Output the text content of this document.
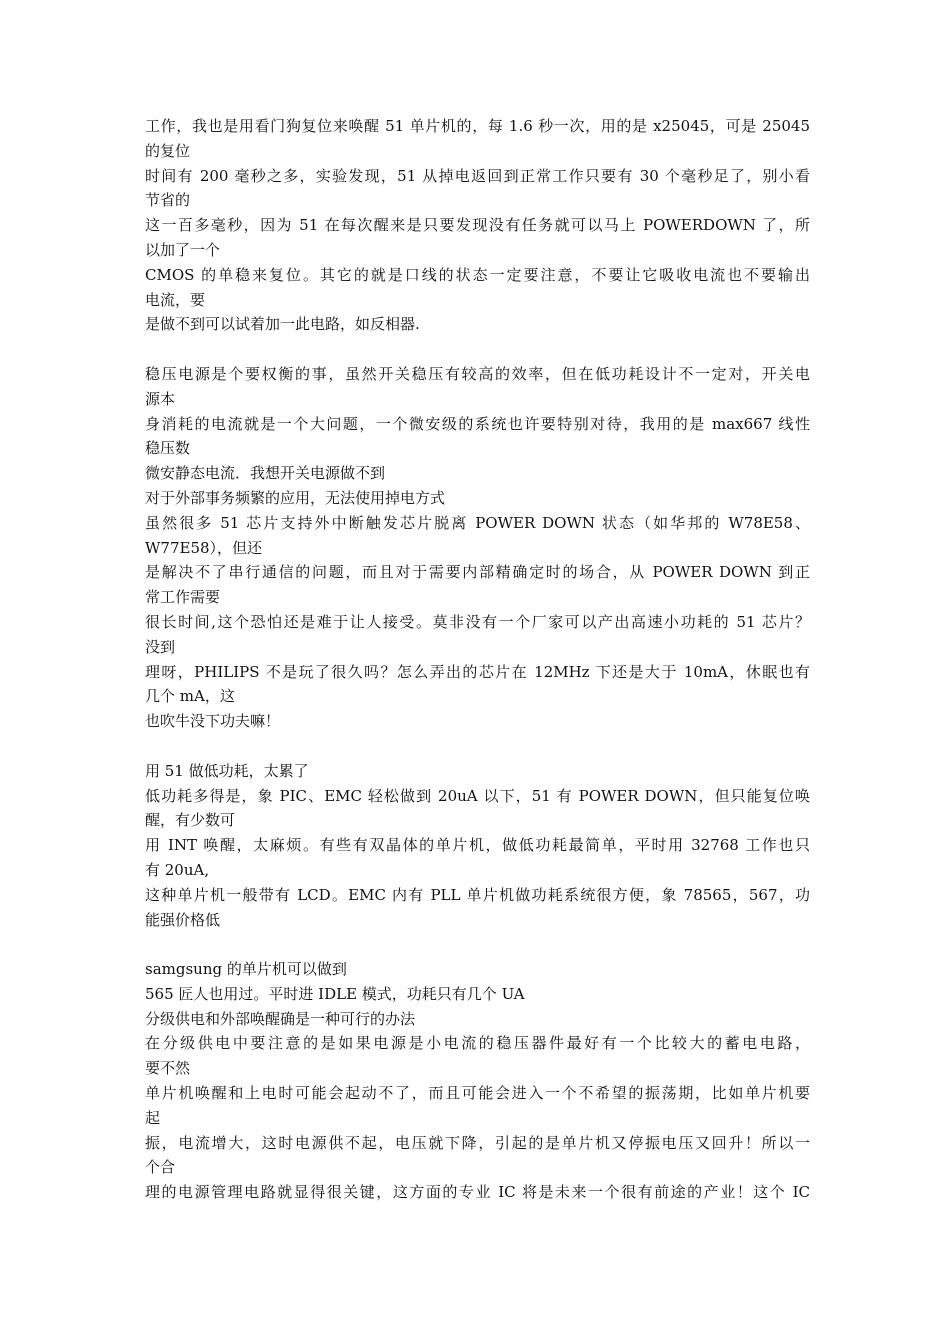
工作，我也是用看门狗复位来唤醒 51 单片机的，每 1.6 秒一次，用的是 x25045，可是 25045
的复位
时间有 200 毫秒之多，实验发现，51 从掉电返回到正常工作只要有 30 个毫秒足了，别小看
节省的
这一百多毫秒，因为 51 在每次醒来是只要发现没有任务就可以马上 POWERDOWN 了，所
以加了一个
CMOS 的单稳来复位。其它的就是口线的状态一定要注意，不要让它吸收电流也不要输出
电流，要
是做不到可以试着加一此电路，如反相器.
稳压电源是个要权衡的事，虽然开关稳压有较高的效率，但在低功耗设计不一定对，开关电
源本
身消耗的电流就是一个大问题，一个微安级的系统也许要特别对待，我用的是 max667 线性
稳压数
微安静态电流．我想开关电源做不到
对于外部事务频繁的应用，无法使用掉电方式
虽然很多 51 芯片支持外中断触发芯片脱离 POWER DOWN 状态（如华邦的 W78E58、
W77E58），但还
是解决不了串行通信的问题，而且对于需要内部精确定时的场合，从 POWER DOWN 到正
常工作需要
很长时间,这个恐怕还是难于让人接受。莫非没有一个厂家可以产出高速小功耗的 51 芯片？
没到
理呀，PHILIPS 不是玩了很久吗？怎么弄出的芯片在 12MHz 下还是大于 10mA，休眠也有
几个 mA，这
也吹牛没下功夫嘛！
用 51 做低功耗，太累了
低功耗多得是，象 PIC、EMC 轻松做到 20uA 以下，51 有 POWER DOWN，但只能复位唤
醒，有少数可
用 INT 唤醒，太麻烦。有些有双晶体的单片机，做低功耗最简单，平时用 32768 工作也只
有 20uA,
这种单片机一般带有 LCD。EMC 内有 PLL 单片机做功耗系统很方便，象 78565，567，功
能强价格低
samgsung 的单片机可以做到
565 匠人也用过。平时进 IDLE 模式，功耗只有几个 UA
分级供电和外部唤醒确是一种可行的办法
在分级供电中要注意的是如果电源是小电流的稳压器件最好有一个比较大的蓄电电路，
要不然
单片机唤醒和上电时可能会起动不了，而且可能会进入一个不希望的振荡期，比如单片机要
起
振，电流增大，这时电源供不起，电压就下降，引起的是单片机又停振电压又回升！所以一
个合
理的电源管理电路就显得很关键，这方面的专业 IC 将是未来一个很有前途的产业！这个 IC
